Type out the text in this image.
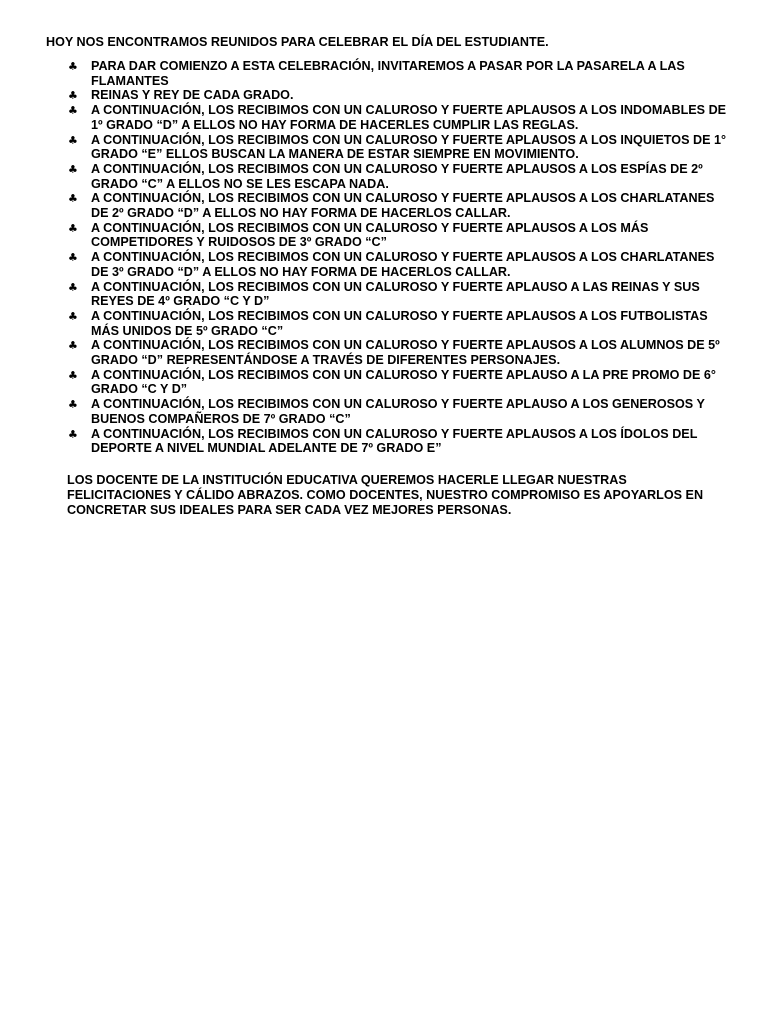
HOY NOS ENCONTRAMOS REUNIDOS PARA CELEBRAR EL DÍA DEL ESTUDIANTE.

♣ PARA DAR COMIENZO A ESTA CELEBRACIÓN, INVITAREMOS A PASAR POR LA PASARELA A LAS FLAMANTES
♣ REINAS Y REY DE CADA GRADO.
♣ A CONTINUACIÓN, LOS RECIBIMOS CON UN CALUROSO Y FUERTE APLAUSOS A LOS INDOMABLES DE 1º GRADO “D” A ELLOS NO HAY FORMA DE HACERLES CUMPLIR LAS REGLAS.
♣ A CONTINUACIÓN, LOS RECIBIMOS CON UN CALUROSO Y FUERTE APLAUSOS A LOS INQUIETOS DE 1° GRADO “E” ELLOS BUSCAN LA MANERA DE ESTAR SIEMPRE EN MOVIMIENTO.
♣ A CONTINUACIÓN, LOS RECIBIMOS CON UN CALUROSO Y FUERTE APLAUSOS A LOS ESPÍAS DE 2º GRADO “C” A ELLOS NO SE LES ESCAPA NADA.
♣ A CONTINUACIÓN, LOS RECIBIMOS CON UN CALUROSO Y FUERTE APLAUSOS A LOS CHARLATANES DE 2º GRADO “D” A ELLOS NO HAY FORMA DE HACERLOS CALLAR.
♣ A CONTINUACIÓN, LOS RECIBIMOS CON UN CALUROSO Y FUERTE APLAUSOS A LOS MÁS COMPETIDORES Y RUIDOSOS DE 3º GRADO “C”
♣ A CONTINUACIÓN, LOS RECIBIMOS CON UN CALUROSO Y FUERTE APLAUSOS A LOS CHARLATANES DE 3º GRADO “D” A ELLOS NO HAY FORMA DE HACERLOS CALLAR.
♣ A CONTINUACIÓN, LOS RECIBIMOS CON UN CALUROSO Y FUERTE APLAUSO A LAS REINAS Y SUS REYES DE 4º GRADO “C Y D”
♣ A CONTINUACIÓN, LOS RECIBIMOS CON UN CALUROSO Y FUERTE APLAUSOS A LOS FUTBOLISTAS MÁS UNIDOS DE 5º GRADO “C”
♣ A CONTINUACIÓN, LOS RECIBIMOS CON UN CALUROSO Y FUERTE APLAUSOS A LOS ALUMNOS DE 5º GRADO “D” REPRESENTÁNDOSE A TRAVÉS DE DIFERENTES PERSONAJES.
♣ A CONTINUACIÓN, LOS RECIBIMOS CON UN CALUROSO Y FUERTE APLAUSO A LA PRE PROMO DE 6° GRADO “C Y D”
♣ A CONTINUACIÓN, LOS RECIBIMOS CON UN CALUROSO Y FUERTE APLAUSO A LOS GENEROSOS Y BUENOS COMPAÑEROS DE 7º GRADO “C”
♣ A CONTINUACIÓN, LOS RECIBIMOS CON UN CALUROSO Y FUERTE APLAUSOS A LOS ÍDOLOS DEL DEPORTE A NIVEL MUNDIAL ADELANTE DE 7º GRADO E”

LOS DOCENTE DE LA INSTITUCIÓN EDUCATIVA QUEREMOS HACERLE LLEGAR NUESTRAS FELICITACIONES Y CÁLIDO ABRAZOS. COMO DOCENTES, NUESTRO COMPROMISO ES APOYARLOS EN CONCRETAR SUS IDEALES PARA SER CADA VEZ MEJORES PERSONAS.
